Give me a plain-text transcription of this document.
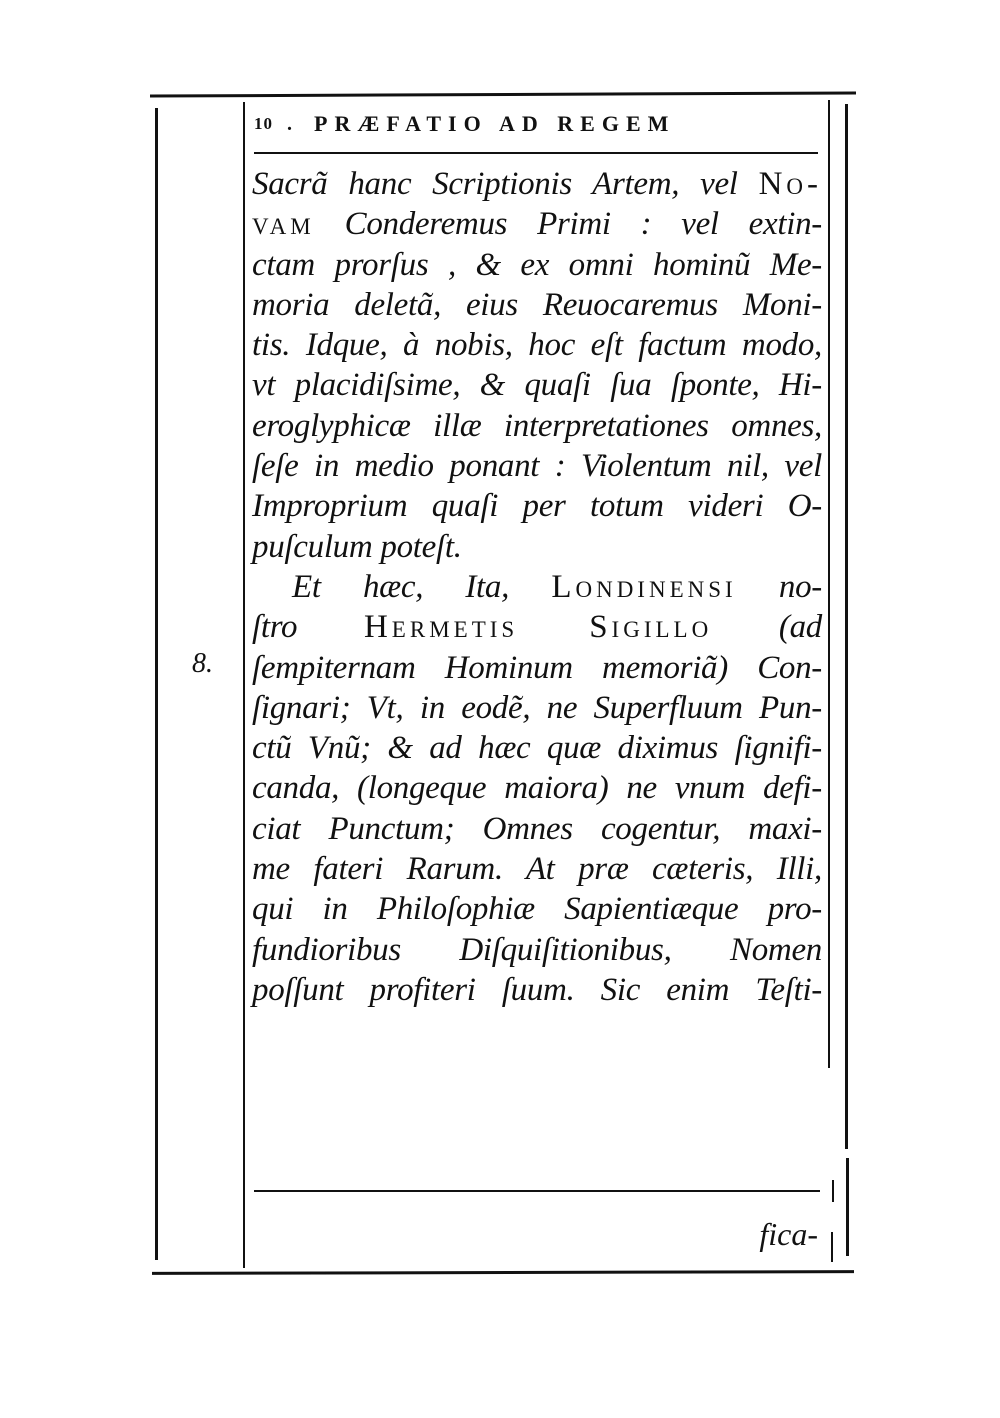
10 . PRÆFATIO AD REGEM
8.
Sacrã hanc Scriptionis Artem, vel No-
vam Conderemus Primi : vel extin-
ctam prorſus , & ex omni hominũ Me-
moria deletã, eius Reuocaremus Moni-
tis. Idque, à nobis, hoc eſt factum modo,
vt placidiſsime, & quaſi ſua ſponte, Hi-
eroglyphicæ illæ interpretationes omnes,
ſeſe in medio ponant : Violentum nil, vel
Improprium quaſi per totum videri O-
puſculum poteſt.
Et hæc, Ita, Londinensi no-
ſtro Hermetis Sigillo (ad
ſempiternam Hominum memoriã) Con-
ſignari; Vt, in eodẽ, ne Superfluum Pun-
ctũ Vnũ; & ad hæc quæ diximus ſignifi-
canda, (longeque maiora) ne vnum defi-
ciat Punctum; Omnes cogentur, maxi-
me fateri Rarum. At præ cæteris, Illi,
qui in Philoſophiæ Sapientiæque pro-
fundioribus Diſquiſitionibus, Nomen
poſſunt profiteri ſuum. Sic enim Teſti-
fica-
